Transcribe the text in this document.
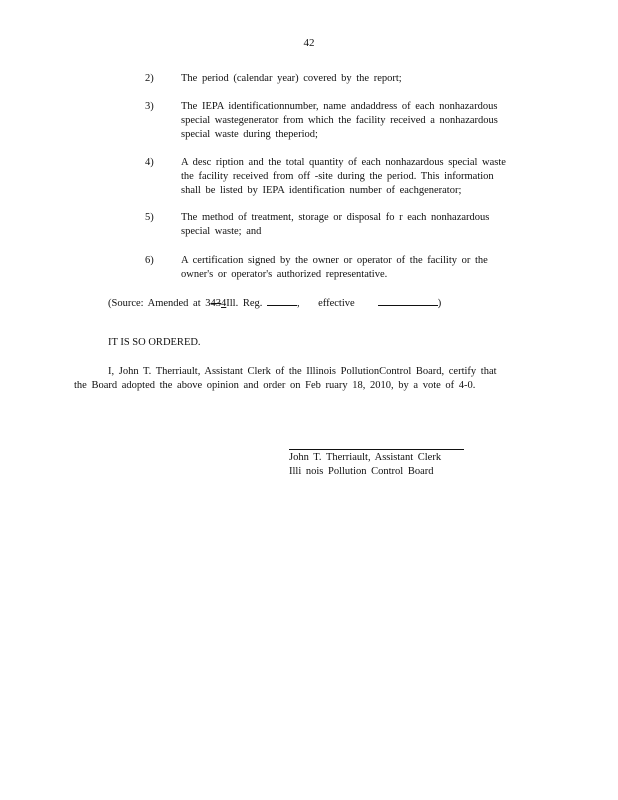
42
2)	The period (calendar year) covered by the report;
3)	The IEPA identificationnumber, name andaddress of each nonhazardous
special wastegenerator from which the facility received a nonhazardous
special waste during theperiod;
4)	A desc ription and the total quantity of each nonhazardous special waste
the facility received from off -site during the period. This information
shall be listed by IEPA identification number of eachgenerator;
5)	The method of treatment, storage or disposal fo r each nonhazardous
special waste; and
6)	A certification signed by the owner or operator of the facility or the
owner's or operator's authorized representative.
(Source: Amended at 3434Ill. Reg.	, effective	)
IT IS SO ORDERED.
I, John T. Therriault, Assistant Clerk of the Illinois PollutionControl Board, certify that
the Board adopted the above opinion and order on Feb ruary 18, 2010, by a vote of 4-0.
John T. Therriault, Assistant Clerk
Illi nois Pollution Control Board
